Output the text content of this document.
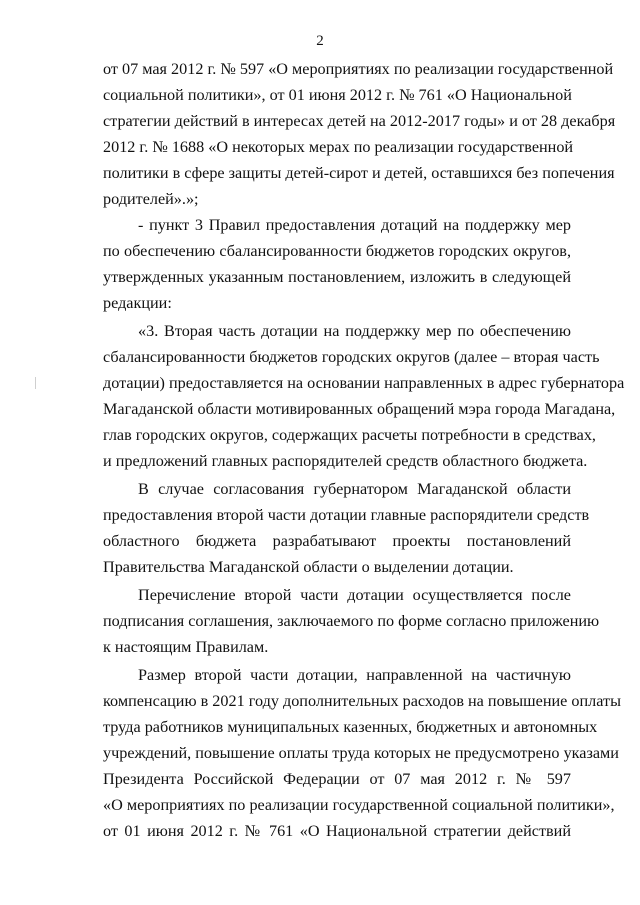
2
от 07 мая 2012 г. № 597 «О мероприятиях по реализации государственной
социальной политики», от 01 июня 2012 г. № 761 «О Национальной
стратегии действий в интересах детей на 2012-2017 годы» и от 28 декабря
2012 г. № 1688 «О некоторых мерах по реализации государственной
политики в сфере защиты детей-сирот и детей, оставшихся без попечения
родителей».»;
- пункт 3 Правил предоставления дотаций на поддержку мер
по обеспечению сбалансированности бюджетов городских округов,
утвержденных указанным постановлением, изложить в следующей
редакции:
«3. Вторая часть дотации на поддержку мер по обеспечению
сбалансированности бюджетов городских округов (далее – вторая часть
дотации) предоставляется на основании направленных в адрес губернатора
Магаданской области мотивированных обращений мэра города Магадана,
глав городских округов, содержащих расчеты потребности в средствах,
и предложений главных распорядителей средств областного бюджета.
В случае согласования губернатором Магаданской области
предоставления второй части дотации главные распорядители средств
областного бюджета разрабатывают проекты постановлений
Правительства Магаданской области о выделении дотации.
Перечисление второй части дотации осуществляется после
подписания соглашения, заключаемого по форме согласно приложению
к настоящим Правилам.
Размер второй части дотации, направленной на частичную
компенсацию в 2021 году дополнительных расходов на повышение оплаты
труда работников муниципальных казенных, бюджетных и автономных
учреждений, повышение оплаты труда которых не предусмотрено указами
Президента Российской Федерации от 07 мая 2012 г. № 597
«О мероприятиях по реализации государственной социальной политики»,
от 01 июня 2012 г. № 761 «О Национальной стратегии действий
